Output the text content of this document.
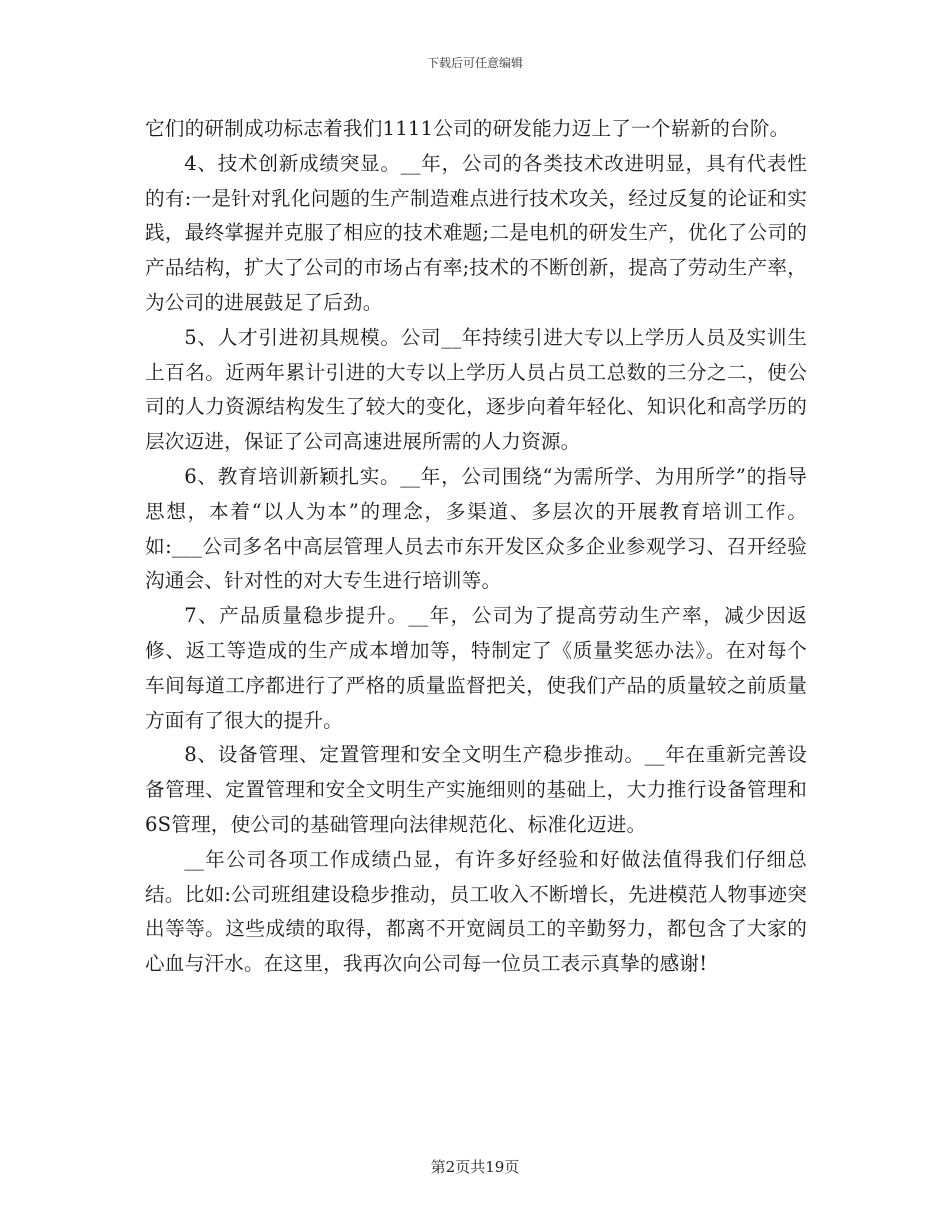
下载后可任意编辑

它们的研制成功标志着我们1111公司的研发能力迈上了一个崭新的台阶。

4、技术创新成绩突显。__年，公司的各类技术改进明显，具有代表性的有:一是针对乳化问题的生产制造难点进行技术攻关，经过反复的论证和实践，最终掌握并克服了相应的技术难题;二是电机的研发生产，优化了公司的产品结构，扩大了公司的市场占有率;技术的不断创新，提高了劳动生产率，为公司的进展鼓足了后劲。

5、人才引进初具规模。公司__年持续引进大专以上学历人员及实训生上百名。近两年累计引进的大专以上学历人员占员工总数的三分之二，使公司的人力资源结构发生了较大的变化，逐步向着年轻化、知识化和高学历的层次迈进，保证了公司高速进展所需的人力资源。

6、教育培训新颖扎实。__年，公司围绕“为需所学、为用所学”的指导思想，本着“以人为本”的理念，多渠道、多层次的开展教育培训工作。如:___公司多名中高层管理人员去市东开发区众多企业参观学习、召开经验沟通会、针对性的对大专生进行培训等。

7、产品质量稳步提升。__年，公司为了提高劳动生产率，减少因返修、返工等造成的生产成本增加等，特制定了《质量奖惩办法》。在对每个车间每道工序都进行了严格的质量监督把关，使我们产品的质量较之前质量方面有了很大的提升。

8、设备管理、定置管理和安全文明生产稳步推动。__年在重新完善设备管理、定置管理和安全文明生产实施细则的基础上，大力推行设备管理和6S管理，使公司的基础管理向法律规范化、标准化迈进。

__年公司各项工作成绩凸显，有许多好经验和好做法值得我们仔细总结。比如:公司班组建设稳步推动，员工收入不断增长，先进模范人物事迹突出等等。这些成绩的取得，都离不开宽阔员工的辛勤努力，都包含了大家的心血与汗水。在这里，我再次向公司每一位员工表示真挚的感谢!

第2页共19页
